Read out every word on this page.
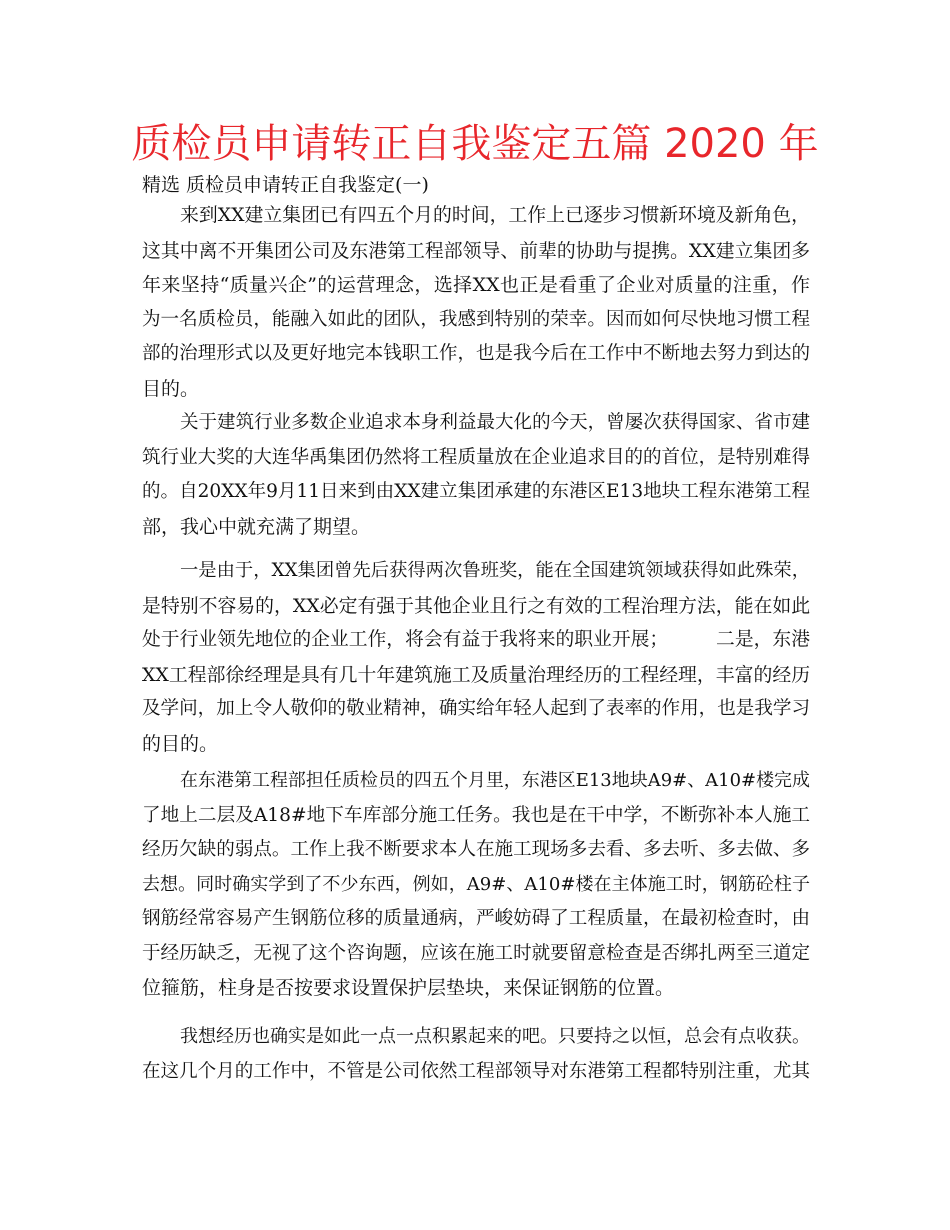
质检员申请转正自我鉴定五篇 2020 年
精选 质检员申请转正自我鉴定(一)
来到XX建立集团已有四五个月的时间，工作上已逐步习惯新环境及新角色，
这其中离不开集团公司及东港第工程部领导、前辈的协助与提携。XX建立集团多
年来坚持“质量兴企”的运营理念，选择XX也正是看重了企业对质量的注重，作
为一名质检员，能融入如此的团队，我感到特别的荣幸。因而如何尽快地习惯工程
部的治理形式以及更好地完本钱职工作，也是我今后在工作中不断地去努力到达的
目的。
关于建筑行业多数企业追求本身利益最大化的今天，曾屡次获得国家、省市建
筑行业大奖的大连华禹集团仍然将工程质量放在企业追求目的的首位，是特别难得
的。自20XX年9月11日来到由XX建立集团承建的东港区E13地块工程东港第工程
部，我心中就充满了期望。
一是由于，XX集团曾先后获得两次鲁班奖，能在全国建筑领域获得如此殊荣，
是特别不容易的，XX必定有强于其他企业且行之有效的工程治理方法，能在如此
处于行业领先地位的企业工作，将会有益于我将来的职业开展；        二是，东港
XX工程部徐经理是具有几十年建筑施工及质量治理经历的工程经理，丰富的经历
及学问，加上令人敬仰的敬业精神，确实给年轻人起到了表率的作用，也是我学习
的目的。
在东港第工程部担任质检员的四五个月里，东港区E13地块A9#、A10#楼完成
了地上二层及A18#地下车库部分施工任务。我也是在干中学，不断弥补本人施工
经历欠缺的弱点。工作上我不断要求本人在施工现场多去看、多去听、多去做、多
去想。同时确实学到了不少东西，例如，A9#、A10#楼在主体施工时，钢筋砼柱子
钢筋经常容易产生钢筋位移的质量通病，严峻妨碍了工程质量，在最初检查时，由
于经历缺乏，无视了这个咨询题，应该在施工时就要留意检查是否绑扎两至三道定
位箍筋，柱身是否按要求设置保护层垫块，来保证钢筋的位置。
我想经历也确实是如此一点一点积累起来的吧。只要持之以恒，总会有点收获。
在这几个月的工作中，不管是公司依然工程部领导对东港第工程都特别注重，尤其
